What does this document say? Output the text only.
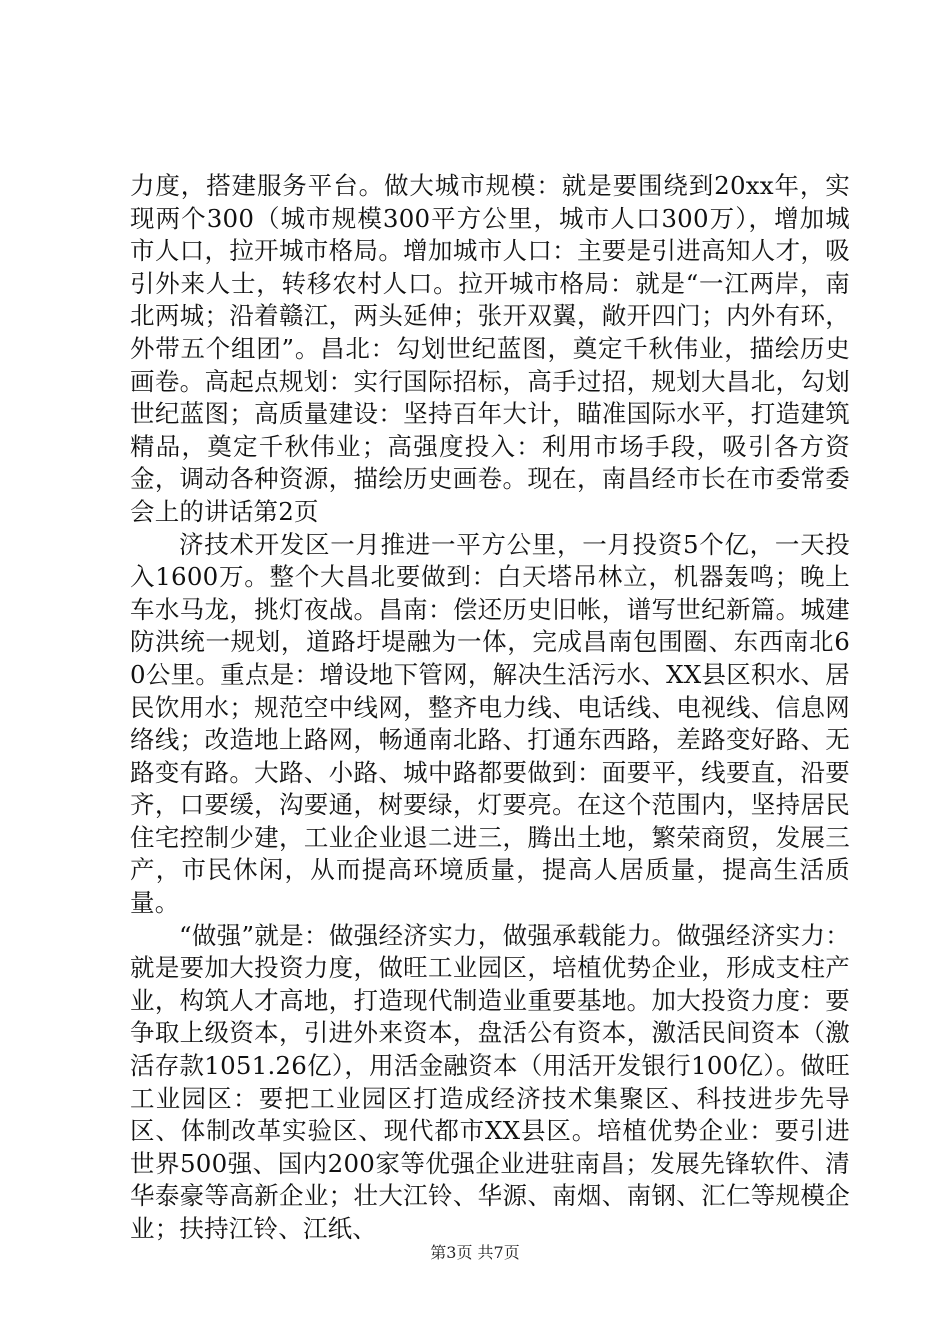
力度，搭建服务平台。做大城市规模：就是要围绕到20xx年，实现两个300（城市规模300平方公里，城市人口300万），增加城市人口，拉开城市格局。增加城市人口：主要是引进高知人才，吸引外来人士，转移农村人口。拉开城市格局：就是“一江两岸，南北两城；沿着赣江，两头延伸；张开双翼，敞开四门；内外有环，外带五个组团”。昌北：勾划世纪蓝图，奠定千秋伟业，描绘历史画卷。高起点规划：实行国际招标，高手过招，规划大昌北，勾划世纪蓝图；高质量建设：坚持百年大计，瞄准国际水平，打造建筑精品，奠定千秋伟业；高强度投入：利用市场手段，吸引各方资金，调动各种资源，描绘历史画卷。现在，南昌经市长在市委常委会上的讲话第2页

济技术开发区一月推进一平方公里，一月投资5个亿，一天投入1600万。整个大昌北要做到：白天塔吊林立，机器轰鸣；晚上车水马龙，挑灯夜战。昌南：偿还历史旧帐，谱写世纪新篇。城建防洪统一规划，道路圩堤融为一体，完成昌南包围圈、东西南北60公里。重点是：增设地下管网，解决生活污水、XX县区积水、居民饮用水；规范空中线网，整齐电力线、电话线、电视线、信息网络线；改造地上路网，畅通南北路、打通东西路，差路变好路、无路变有路。大路、小路、城中路都要做到：面要平，线要直，沿要齐，口要缓，沟要通，树要绿，灯要亮。在这个范围内，坚持居民住宅控制少建，工业企业退二进三，腾出土地，繁荣商贸，发展三产，市民休闲，从而提高环境质量，提高人居质量，提高生活质量。

“做强”就是：做强经济实力，做强承载能力。做强经济实力：就是要加大投资力度，做旺工业园区，培植优势企业，形成支柱产业，构筑人才高地，打造现代制造业重要基地。加大投资力度：要争取上级资本，引进外来资本，盘活公有资本，激活民间资本（激活存款1051.26亿），用活金融资本（用活开发银行100亿）。做旺工业园区：要把工业园区打造成经济技术集聚区、科技进步先导区、体制改革实验区、现代都市XX县区。培植优势企业：要引进世界500强、国内200家等优强企业进驻南昌；发展先锋软件、清华泰豪等高新企业；壮大江铃、华源、南烟、南钢、汇仁等规模企业；扶持江铃、江纸、

第3页 共7页
